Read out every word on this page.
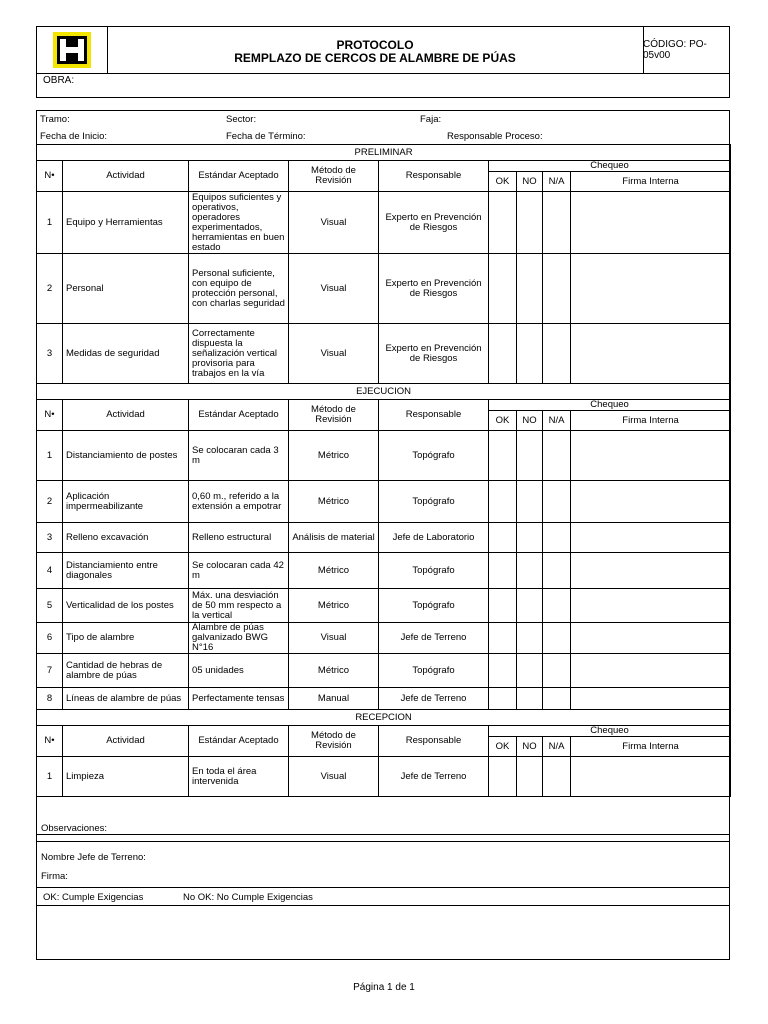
PROTOCOLO
REMPLAZO DE CERCOS DE ALAMBRE DE PÚAS
CÓDIGO: PO-05v00
OBRA:
Tramo:	Sector:	Faja:
Fecha de Inicio:	Fecha de Término:	Responsable Proceso:
PRELIMINAR								
N•	Actividad	Estándar Aceptado	Método de Revisión	Responsable	Chequeo			
					OK	NO	N/A	Firma Interna
1	Equipo y Herramientas	Equipos suficientes y operativos, operadores experimentados, herramientas en buen estado	Visual	Experto en Prevención de Riesgos				
2	Personal	Personal suficiente, con equipo de protección personal, con charlas seguridad	Visual	Experto en Prevención de Riesgos				
3	Medidas de seguridad	Correctamente dispuesta la señalización vertical provisoria para trabajos en la vía	Visual	Experto en Prevención de Riesgos				
EJECUCION								
N•	Actividad	Estándar Aceptado	Método de Revisión	Responsable	Chequeo			
					OK	NO	N/A	Firma Interna
1	Distanciamiento de postes	Se colocaran cada 3 m	Métrico	Topógrafo				
2	Aplicación impermeabilizante	0,60 m., referido a la extensión a empotrar	Métrico	Topógrafo				
3	Relleno excavación	Relleno estructural	Análisis de material	Jefe de Laboratorio				
4	Distanciamiento entre diagonales	Se colocaran cada 42 m	Métrico	Topógrafo				
5	Verticalidad de los postes	Máx. una desviación de 50 mm respecto a la vertical	Métrico	Topógrafo				
6	Tipo de alambre	Alambre de púas galvanizado BWG N°16	Visual	Jefe de Terreno				
7	Cantidad de hebras de alambre de púas	05 unidades	Métrico	Topógrafo				
8	Líneas de alambre de púas	Perfectamente tensas	Manual	Jefe de Terreno				
RECEPCION								
N•	Actividad	Estándar Aceptado	Método de Revisión	Responsable	Chequeo			
					OK	NO	N/A	Firma Interna
1	Limpieza	En toda el área intervenida	Visual	Jefe de Terreno				
Observaciones:
Nombre Jefe de Terreno:
Firma:
OK: Cumple Exigencias	No OK: No Cumple Exigencias
Página 1 de 1
